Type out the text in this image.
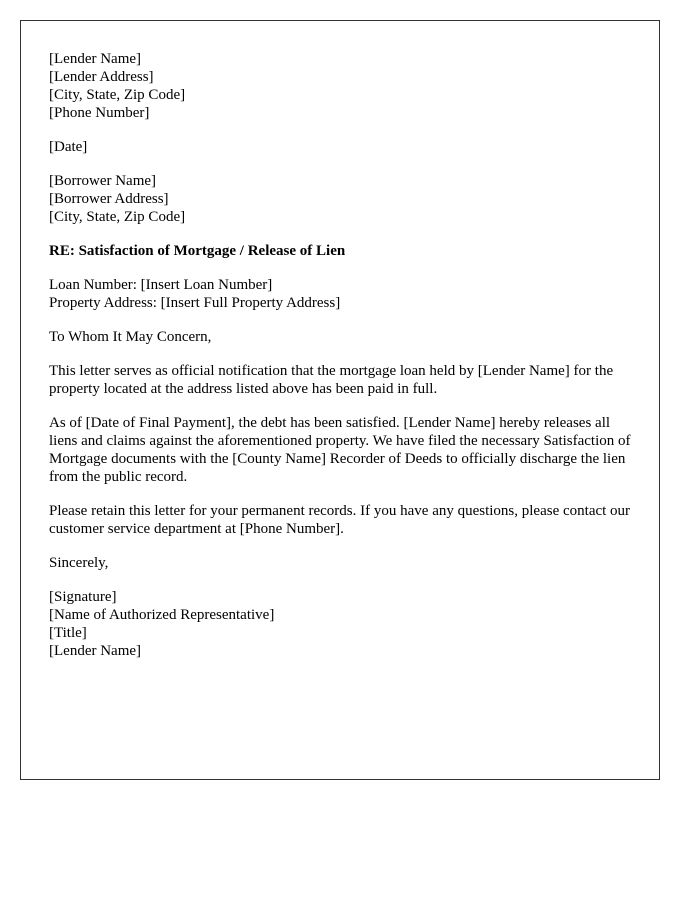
[Lender Name]
[Lender Address]
[City, State, Zip Code]
[Phone Number]
[Date]
[Borrower Name]
[Borrower Address]
[City, State, Zip Code]
RE: Satisfaction of Mortgage / Release of Lien
Loan Number: [Insert Loan Number]
Property Address: [Insert Full Property Address]

To Whom It May Concern,

This letter serves as official notification that the mortgage loan held by [Lender Name] for the property located at the address listed above has been paid in full.

As of [Date of Final Payment], the debt has been satisfied. [Lender Name] hereby releases all liens and claims against the aforementioned property. We have filed the necessary Satisfaction of Mortgage documents with the [County Name] Recorder of Deeds to officially discharge the lien from the public record.

Please retain this letter for your permanent records. If you have any questions, please contact our customer service department at [Phone Number].

Sincerely,

[Signature]
[Name of Authorized Representative]
[Title]
[Lender Name]
